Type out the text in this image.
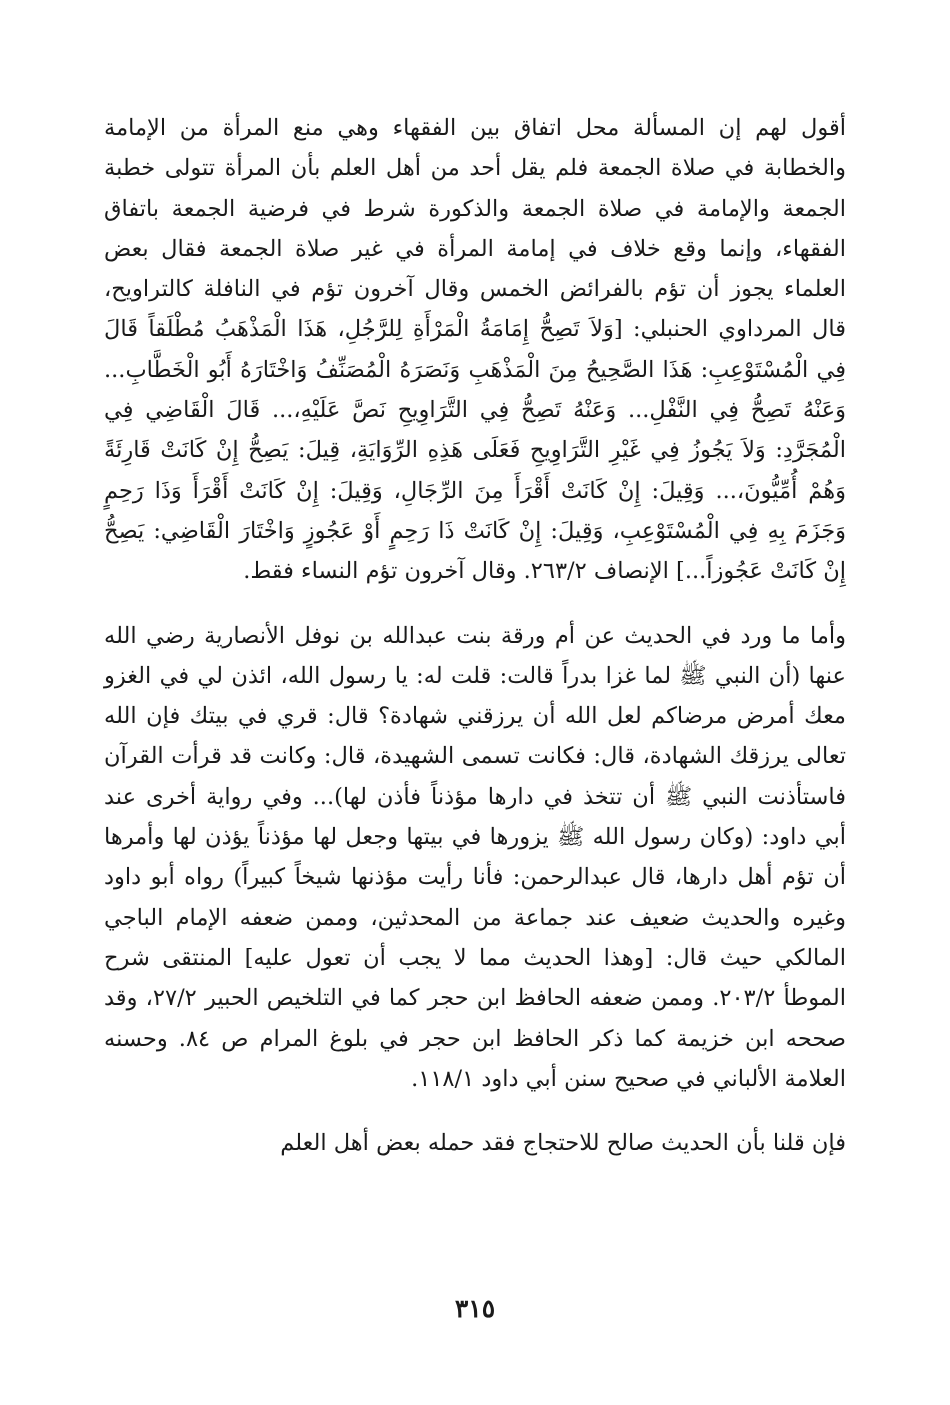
أقول لهم إن المسألة محل اتفاق بين الفقهاء وهي منع المرأة من الإمامة والخطابة في صلاة الجمعة فلم يقل أحد من أهل العلم بأن المرأة تتولى خطبة الجمعة والإمامة في صلاة الجمعة والذكورة شرط في فرضية الجمعة باتفاق الفقهاء، وإنما وقع خلاف في إمامة المرأة في غير صلاة الجمعة فقال بعض العلماء يجوز أن تؤم بالفرائض الخمس وقال آخرون تؤم في النافلة كالتراويح، قال المرداوي الحنبلي: [وَلاَ تَصِحُّ إِمَامَةُ الْمَرْأَةِ لِلرَّجُلِ، هَذَا الْمَذْهَبُ مُطْلَقاً قَالَ فِي الْمُسْتَوْعِبِ: هَذَا الصَّحِيحُ مِنَ الْمَذْهَبِ وَنَصَرَهُ الْمُصَنِّفُ وَاخْتَارَهُ أَبُو الْخَطَّابِ... وَعَنْهُ تَصِحُّ فِي النَّفْلِ... وَعَنْهُ تَصِحُّ فِي التَّرَاوِيحِ نَصَّ عَلَيْهِ،... قَالَ الْقَاضِي فِي الْمُجَرَّدِ: وَلاَ يَجُوزُ فِي غَيْرِ التَّرَاوِيحِ فَعَلَى هَذِهِ الرِّوَايَةِ، قِيلَ: يَصِحُّ إِنْ كَانَتْ قَارِئَةً وَهُمْ أُمِّيُّونَ،... وَقِيلَ: إِنْ كَانَتْ أَقْرَأَ مِنَ الرِّجَالِ، وَقِيلَ: إِنْ كَانَتْ أَقْرَأَ وَذَا رَحِمٍ وَجَزَمَ بِهِ فِي الْمُسْتَوْعِبِ، وَقِيلَ: إِنْ كَانَتْ ذَا رَحِمٍ أَوْ عَجُوزٍ وَاخْتَارَ الْقَاضِي: يَصِحُّ إِنْ كَانَتْ عَجُوزاً...] الإنصاف ٢٦٣/٢. وقال آخرون تؤم النساء فقط.

وأما ما ورد في الحديث عن أم ورقة بنت عبدالله بن نوفل الأنصارية رضي الله عنها (أن النبي ﷺ لما غزا بدراً قالت: قلت له: يا رسول الله، ائذن لي في الغزو معك أمرض مرضاكم لعل الله أن يرزقني شهادة؟ قال: قري في بيتك فإن الله تعالى يرزقك الشهادة، قال: فكانت تسمى الشهيدة، قال: وكانت قد قرأت القرآن فاستأذنت النبي ﷺ أن تتخذ في دارها مؤذناً فأذن لها)... وفي رواية أخرى عند أبي داود: (وكان رسول الله ﷺ يزورها في بيتها وجعل لها مؤذناً يؤذن لها وأمرها أن تؤم أهل دارها، قال عبدالرحمن: فأنا رأيت مؤذنها شيخاً كبيراً) رواه أبو داود وغيره والحديث ضعيف عند جماعة من المحدثين، وممن ضعفه الإمام الباجي المالكي حيث قال: [وهذا الحديث مما لا يجب أن تعول عليه] المنتقى شرح الموطأ ٢٠٣/٢. وممن ضعفه الحافظ ابن حجر كما في التلخيص الحبير ٢٧/٢، وقد صححه ابن خزيمة كما ذكر الحافظ ابن حجر في بلوغ المرام ص ٨٤. وحسنه العلامة الألباني في صحيح سنن أبي داود ١١٨/١.

فإن قلنا بأن الحديث صالح للاحتجاج فقد حمله بعض أهل العلم

٣١٥
